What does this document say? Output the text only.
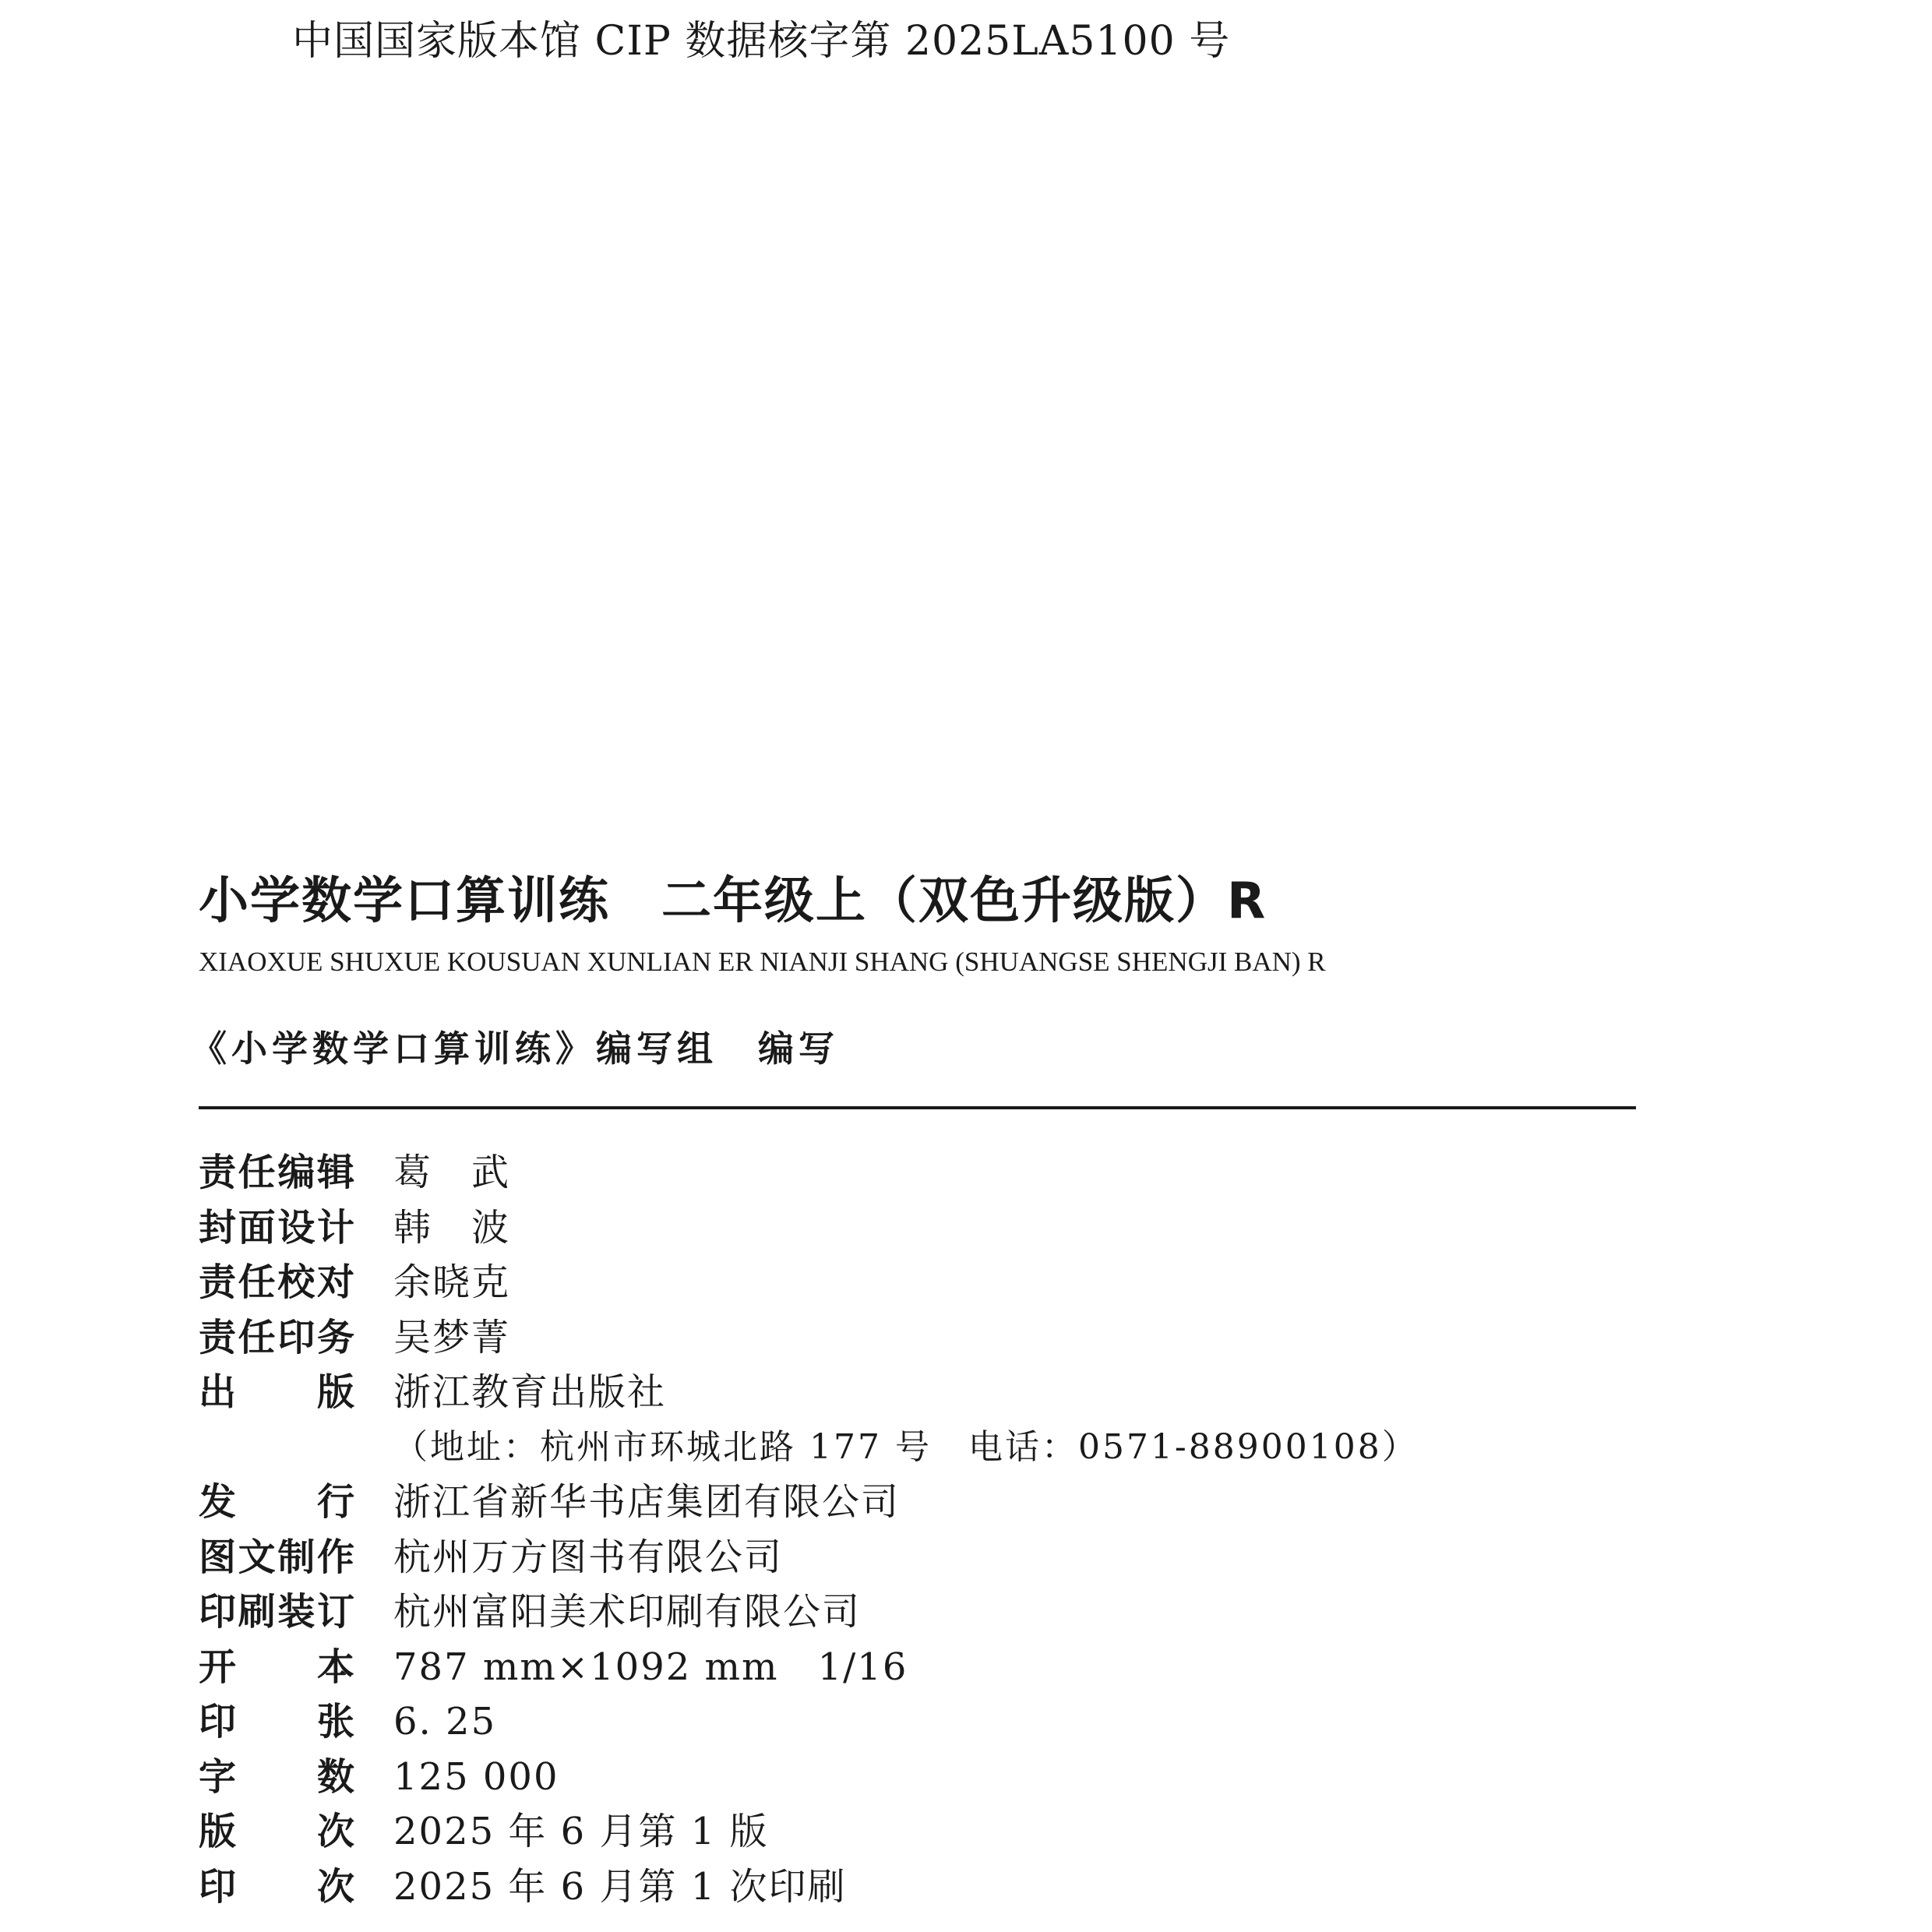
中国国家版本馆 CIP 数据核字第 2025LA5100 号
小学数学口算训练　二年级上（双色升级版）R
XIAOXUE SHUXUE KOUSUAN XUNLIAN ER NIANJI SHANG (SHUANGSE SHENGJI BAN) R
《小学数学口算训练》编写组　编写
责任编辑 葛　武
封面设计 韩　波
责任校对 余晓克
责任印务 吴梦菁
出版 浙江教育出版社
（地址：杭州市环城北路 177 号　电话：0571-88900108）
发行 浙江省新华书店集团有限公司
图文制作 杭州万方图书有限公司
印刷装订 杭州富阳美术印刷有限公司
开本 787 mm×1092 mm　1/16
印张 6. 25
字数 125 000
版次 2025 年 6 月第 1 版
印次 2025 年 6 月第 1 次印刷
